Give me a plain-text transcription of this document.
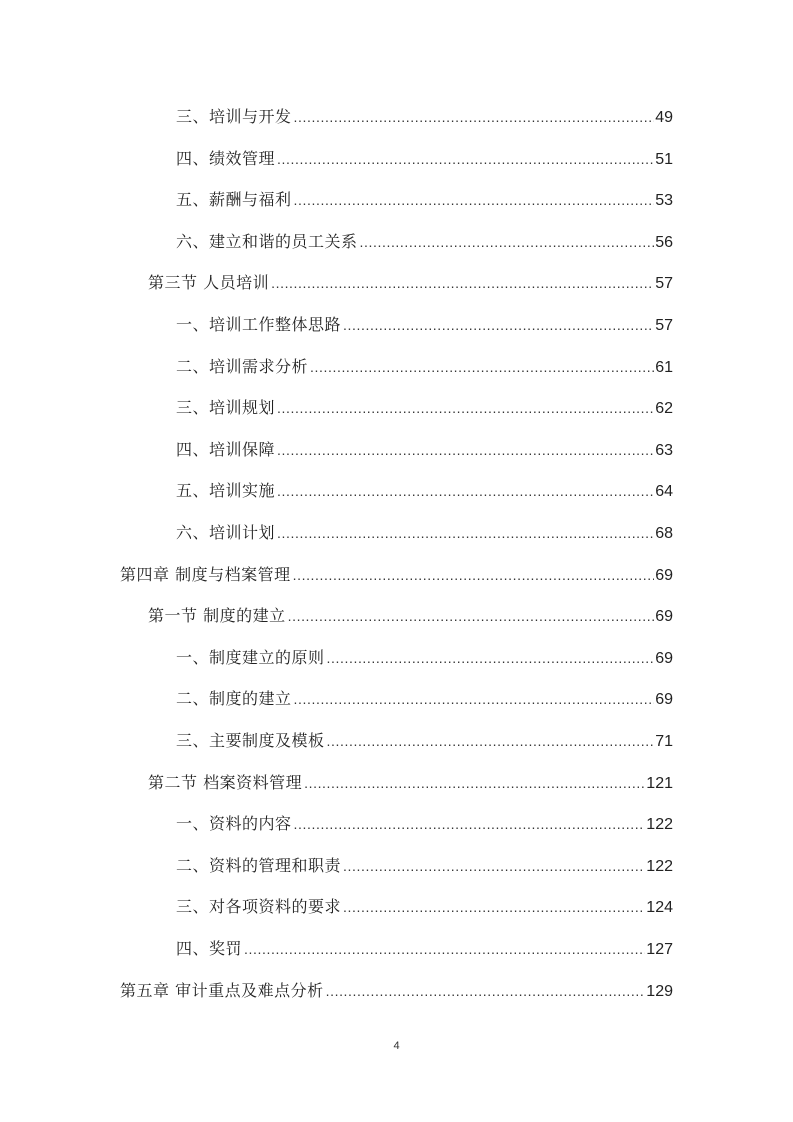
三、培训与开发 .....	49
四、绩效管理 .....	51
五、薪酬与福利 .....	53
六、建立和谐的员工关系 .....	56
第三节 人员培训 .....	57
一、培训工作整体思路 .....	57
二、培训需求分析 .....	61
三、培训规划 .....	62
四、培训保障 .....	63
五、培训实施 .....	64
六、培训计划 .....	68
第四章 制度与档案管理 .....	69
第一节 制度的建立 .....	69
一、制度建立的原则 .....	69
二、制度的建立 .....	69
三、主要制度及模板 .....	71
第二节 档案资料管理 .....	121
一、资料的内容 .....	122
二、资料的管理和职责 .....	122
三、对各项资料的要求 .....	124
四、奖罚 .....	127
第五章 审计重点及难点分析 .....	129
4
